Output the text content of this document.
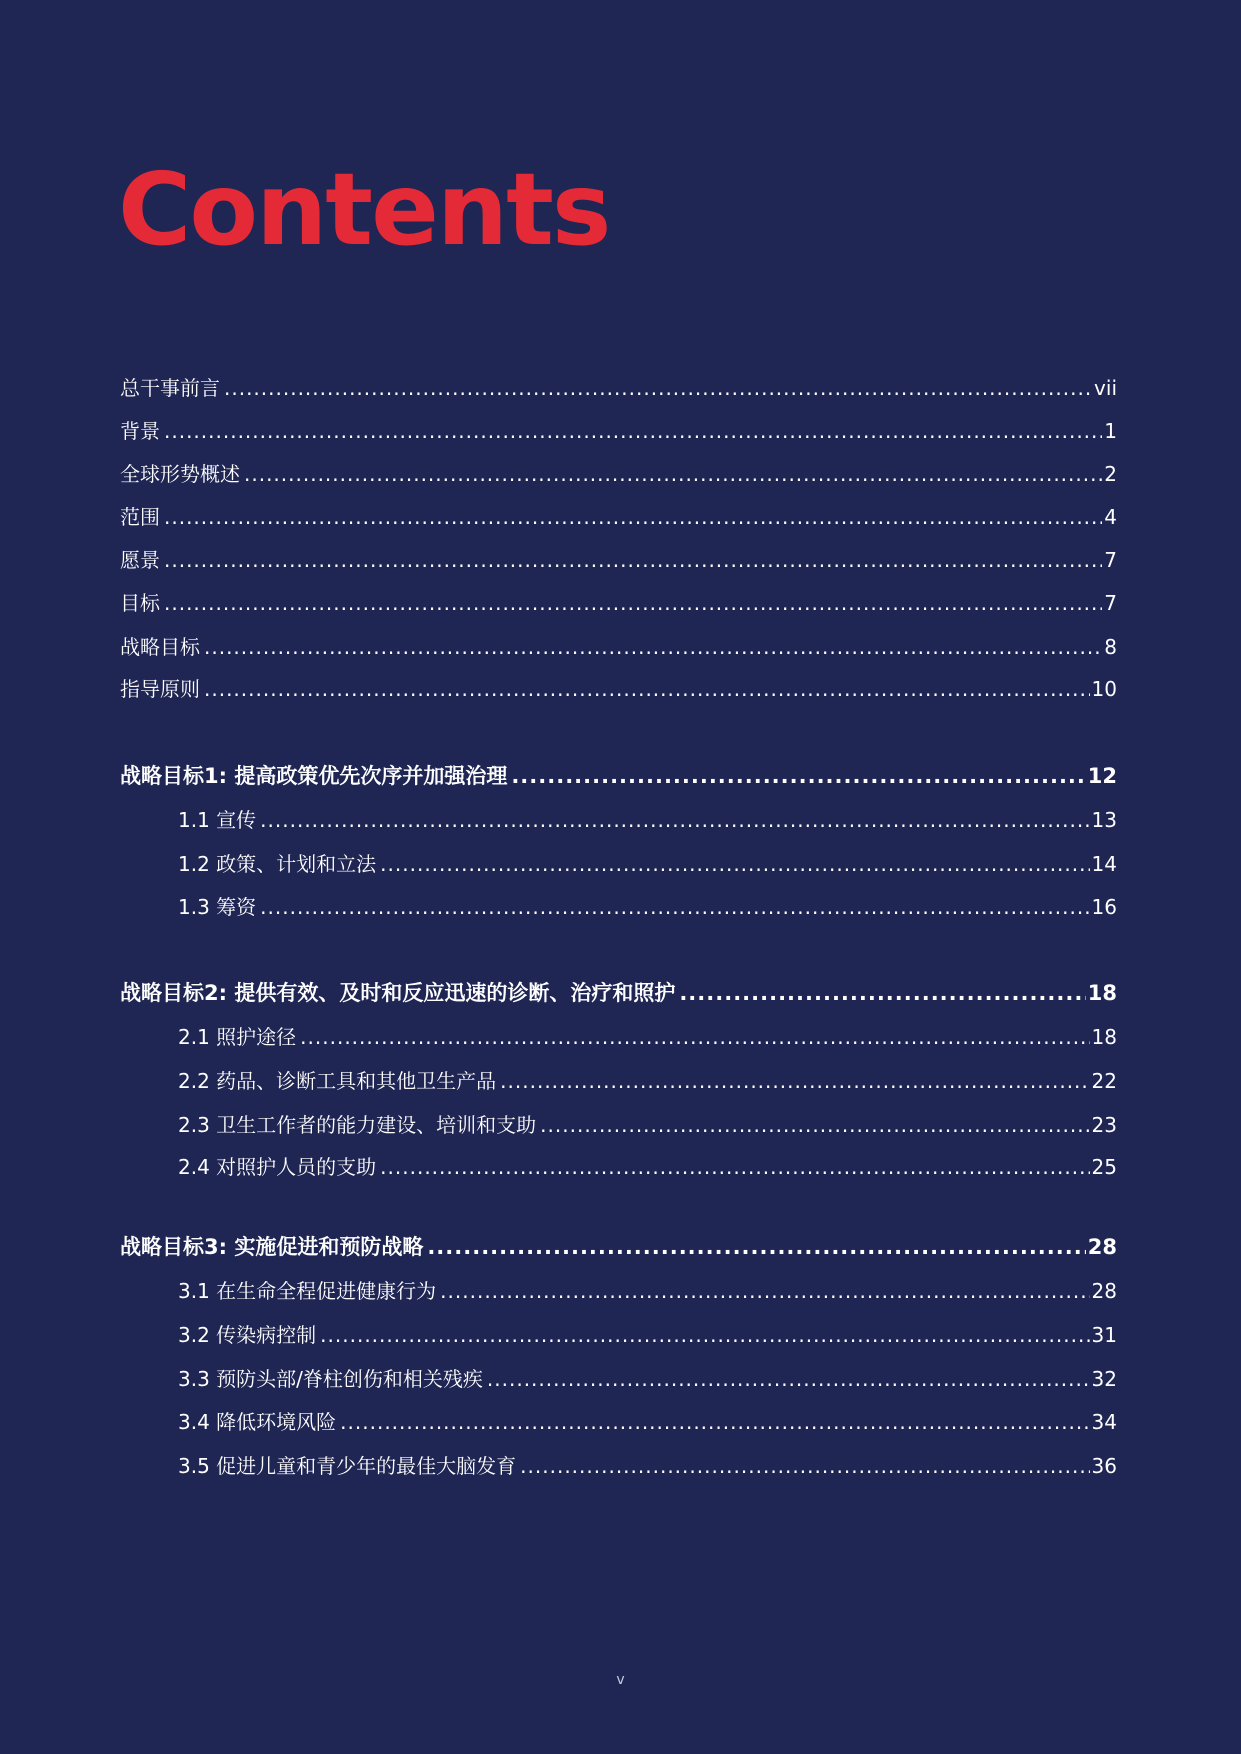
Contents
总干事前言 .....	vii
背景 .....	1
全球形势概述 .....	2
范围 .....	4
愿景 .....	7
目标 .....	7
战略目标 .....	8
指导原则 .....	10
战略目标1: 提高政策优先次序并加强治理 .....	12
1.1 宣传 .....	13
1.2 政策、计划和立法 .....	14
1.3 筹资 .....	16
战略目标2: 提供有效、及时和反应迅速的诊断、治疗和照护 .....	18
2.1 照护途径 .....	18
2.2 药品、诊断工具和其他卫生产品 .....	22
2.3 卫生工作者的能力建设、培训和支助 .....	23
2.4 对照护人员的支助 .....	25
战略目标3: 实施促进和预防战略 .....	28
3.1 在生命全程促进健康行为 .....	28
3.2 传染病控制 .....	31
3.3 预防头部/脊柱创伤和相关残疾 .....	32
3.4 降低环境风险 .....	34
3.5 促进儿童和青少年的最佳大脑发育 .....	36
v
